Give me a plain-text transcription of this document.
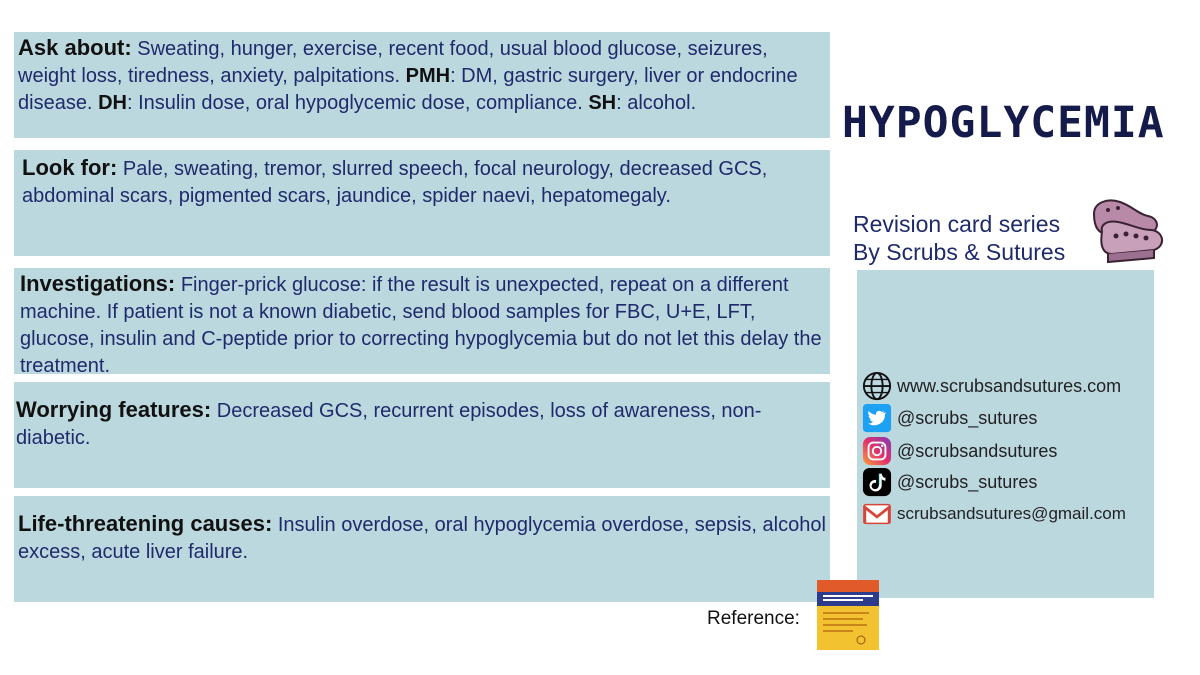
Ask about: Sweating, hunger, exercise, recent food, usual blood glucose, seizures, weight loss, tiredness, anxiety, palpitations. PMH: DM, gastric surgery, liver or endocrine disease. DH: Insulin dose, oral hypoglycemic dose, compliance. SH: alcohol.
Look for: Pale, sweating, tremor, slurred speech, focal neurology, decreased GCS, abdominal scars, pigmented scars, jaundice, spider naevi, hepatomegaly.
Investigations: Finger-prick glucose: if the result is unexpected, repeat on a different machine. If patient is not a known diabetic, send blood samples for FBC, U+E, LFT, glucose, insulin and C-peptide prior to correcting hypoglycemia but do not let this delay the treatment.
Worrying features: Decreased GCS, recurrent episodes, loss of awareness, non-diabetic.
Life-threatening causes: Insulin overdose, oral hypoglycemia overdose, sepsis, alcohol excess, acute liver failure.
HYPOGLYCEMIA
Revision card series
By Scrubs & Sutures
www.scrubsandsutures.com
@scrubs_sutures
@scrubsandsutures
@scrubs_sutures
scrubsandsutures@gmail.com
Reference:
